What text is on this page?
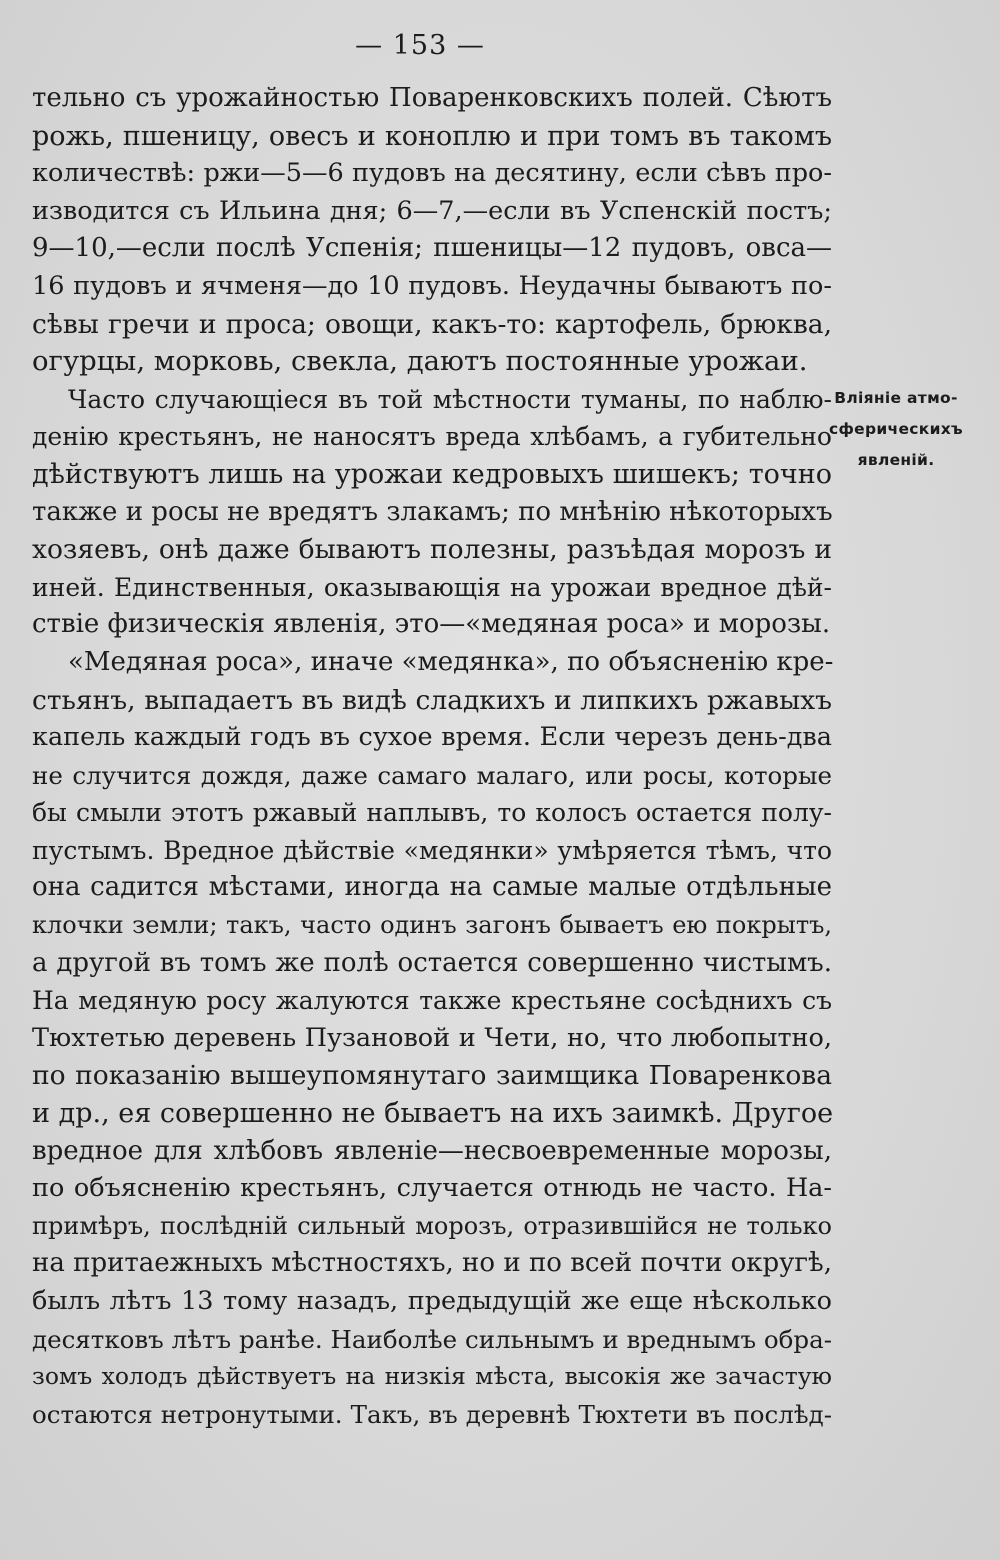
— 153 —
тельно съ урожайностью Поваренковскихъ полей. Сѣютъ
рожь, пшеницу, овесъ и коноплю и при томъ въ такомъ
количествѣ: ржи—5—6 пудовъ на десятину, если сѣвъ про-
изводится съ Ильина дня; 6—7,—если въ Успенскій постъ;
9—10,—если послѣ Успенія; пшеницы—12 пудовъ, овса—
16 пудовъ и ячменя—до 10 пудовъ. Неудачны бываютъ по-
сѣвы гречи и проса; овощи, какъ-то: картофель, брюква,
огурцы, морковь, свекла, даютъ постоянные урожаи.
Часто случающіеся въ той мѣстности туманы, по наблю-
денію крестьянъ, не наносятъ вреда хлѣбамъ, а губительно
дѣйствуютъ лишь на урожаи кедровыхъ шишекъ; точно
также и росы не вредятъ злакамъ; по мнѣнію нѣкоторыхъ
хозяевъ, онѣ даже бываютъ полезны, разъѣдая морозъ и
иней. Единственныя, оказывающія на урожаи вредное дѣй-
ствіе физическія явленія, это—«медяная роса» и морозы.
«Медяная роса», иначе «медянка», по объясненію кре-
стьянъ, выпадаетъ въ видѣ сладкихъ и липкихъ ржавыхъ
капель каждый годъ въ сухое время. Если черезъ день-два
не случится дождя, даже самаго малаго, или росы, которые
бы смыли этотъ ржавый наплывъ, то колосъ остается полу-
пустымъ. Вредное дѣйствіе «медянки» умѣряется тѣмъ, что
она садится мѣстами, иногда на самые малые отдѣльные
клочки земли; такъ, часто одинъ загонъ бываетъ ею покрытъ,
а другой въ томъ же полѣ остается совершенно чистымъ.
На медяную росу жалуются также крестьяне сосѣднихъ съ
Тюхтетью деревень Пузановой и Чети, но, что любопытно,
по показанію вышеупомянутаго заимщика Поваренкова
и др., ея совершенно не бываетъ на ихъ заимкѣ. Другое
вредное для хлѣбовъ явленіе—несвоевременные морозы,
по объясненію крестьянъ, случается отнюдь не часто. На-
примѣръ, послѣдній сильный морозъ, отразившійся не только
на притаежныхъ мѣстностяхъ, но и по всей почти округѣ,
былъ лѣтъ 13 тому назадъ, предыдущій же еще нѣсколько
десятковъ лѣтъ ранѣе. Наиболѣе сильнымъ и вреднымъ обра-
зомъ холодъ дѣйствуетъ на низкія мѣста, высокія же зачастую
остаются нетронутыми. Такъ, въ деревнѣ Тюхтети въ послѣд-
Вліяніе атмо-
сферическихъ
явленій.
